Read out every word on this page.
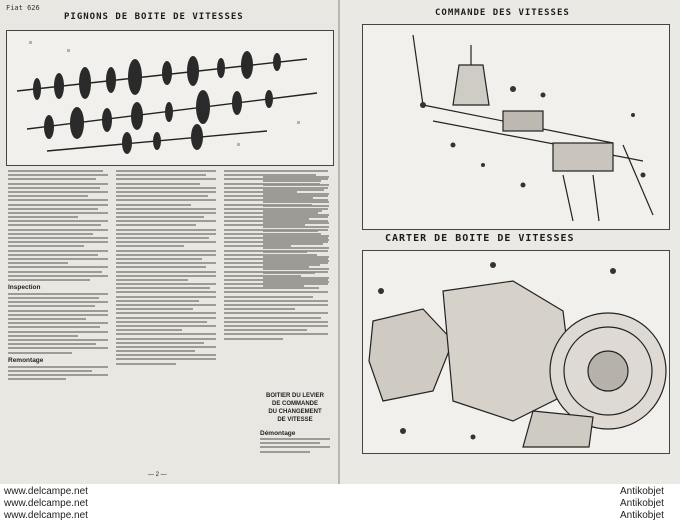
Fiat 626
PIGNONS DE BOITE DE VITESSES
Inspection
Remontage
— 2 —
COMMANDE DES VITESSES
CARTER DE BOITE DE VITESSES
BOITIER DU LEVIER
DE COMMANDE
DU CHANGEMENT
DE VITESSE
Démontage
www.delcampe.net
www.delcampe.net
www.delcampe.net
Antikobjet
Antikobjet
Antikobjet
